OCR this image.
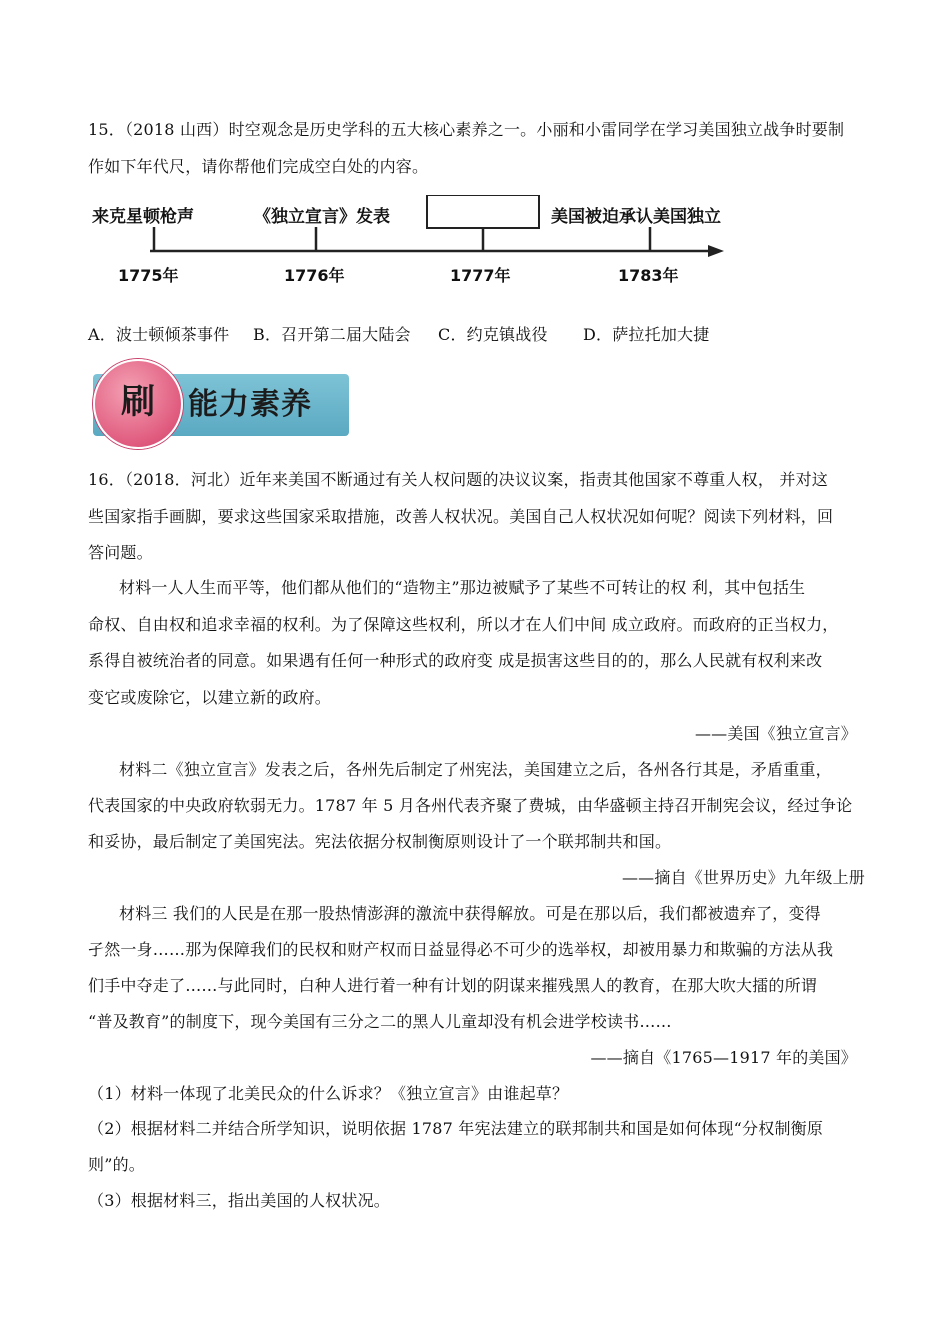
15．（2018 山西）时空观念是历史学科的五大核心素养之一。小丽和小雷同学在学习美国独立战争时要制
作如下年代尺，请你帮他们完成空白处的内容。
来克星顿枪声	《独立宣言》发表	美国被迫承认美国独立
1775年	1776年	1777年	1783年
A．波士顿倾茶事件 B．召开第二届大陆会 C．约克镇战役 D．萨拉托加大捷
刷	能力素养
16．（2018．河北）近年来美国不断通过有关人权问题的决议议案，指责其他国家不尊重人权， 并对这
些国家指手画脚，要求这些国家采取措施，改善人权状况。美国自己人权状况如何呢？阅读下列材料，回
答问题。
材料一人人生而平等，他们都从他们的“造物主”那边被赋予了某些不可转让的权 利，其中包括生
命权、自由权和追求幸福的权利。为了保障这些权利，所以才在人们中间 成立政府。而政府的正当权力，
系得自被统治者的同意。如果遇有任何一种形式的政府变 成是损害这些目的的，那么人民就有权利来改
变它或废除它，以建立新的政府。
——美国《独立宣言》
材料二《独立宣言》发表之后，各州先后制定了州宪法，美国建立之后，各州各行其是，矛盾重重，
代表国家的中央政府软弱无力。1787 年 5 月各州代表齐聚了费城，由华盛顿主持召开制宪会议，经过争论
和妥协，最后制定了美国宪法。宪法依据分权制衡原则设计了一个联邦制共和国。
——摘自《世界历史》九年级上册
材料三 我们的人民是在那一股热情澎湃的激流中获得解放。可是在那以后，我们都被遗弃了，变得
孑然一身……那为保障我们的民权和财产权而日益显得必不可少的选举权，却被用暴力和欺骗的方法从我
们手中夺走了……与此同时，白种人进行着一种有计划的阴谋来摧残黑人的教育，在那大吹大擂的所谓
“普及教育”的制度下，现今美国有三分之二的黑人儿童却没有机会进学校读书……
——摘自《1765—1917 年的美国》
（1）材料一体现了北美民众的什么诉求？《独立宣言》由谁起草？
（2）根据材料二并结合所学知识，说明依据 1787 年宪法建立的联邦制共和国是如何体现“分权制衡原
则”的。
（3）根据材料三，指出美国的人权状况。
